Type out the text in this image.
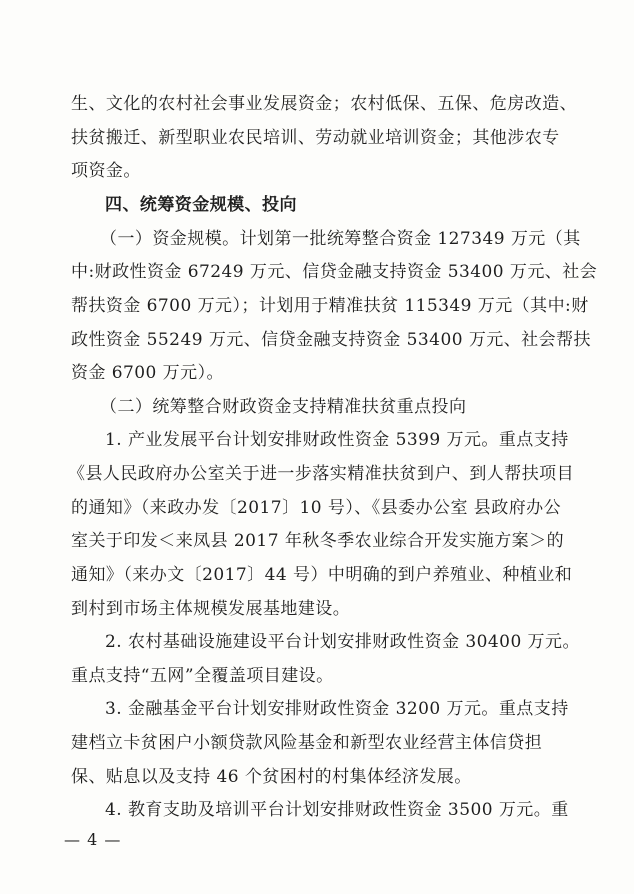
生、文化的农村社会事业发展资金；农村低保、五保、危房改造、
扶贫搬迁、新型职业农民培训、劳动就业培训资金；其他涉农专
项资金。
四、统筹资金规模、投向
（一）资金规模。计划第一批统筹整合资金 127349 万元（其
中:财政性资金 67249 万元、信贷金融支持资金 53400 万元、社会
帮扶资金 6700 万元）；计划用于精准扶贫 115349 万元（其中:财
政性资金 55249 万元、信贷金融支持资金 53400 万元、社会帮扶
资金 6700 万元）。
（二）统筹整合财政资金支持精准扶贫重点投向
1. 产业发展平台计划安排财政性资金 5399 万元。重点支持
《县人民政府办公室关于进一步落实精准扶贫到户、到人帮扶项目
的通知》（来政办发〔2017〕10 号）、《县委办公室 县政府办公
室关于印发＜来凤县 2017 年秋冬季农业综合开发实施方案＞的
通知》（来办文〔2017〕44 号）中明确的到户养殖业、种植业和
到村到市场主体规模发展基地建设。
2. 农村基础设施建设平台计划安排财政性资金 30400 万元。
重点支持“五网”全覆盖项目建设。
3. 金融基金平台计划安排财政性资金 3200 万元。重点支持
建档立卡贫困户小额贷款风险基金和新型农业经营主体信贷担
保、贴息以及支持 46 个贫困村的村集体经济发展。
4. 教育支助及培训平台计划安排财政性资金 3500 万元。重
— 4 —
